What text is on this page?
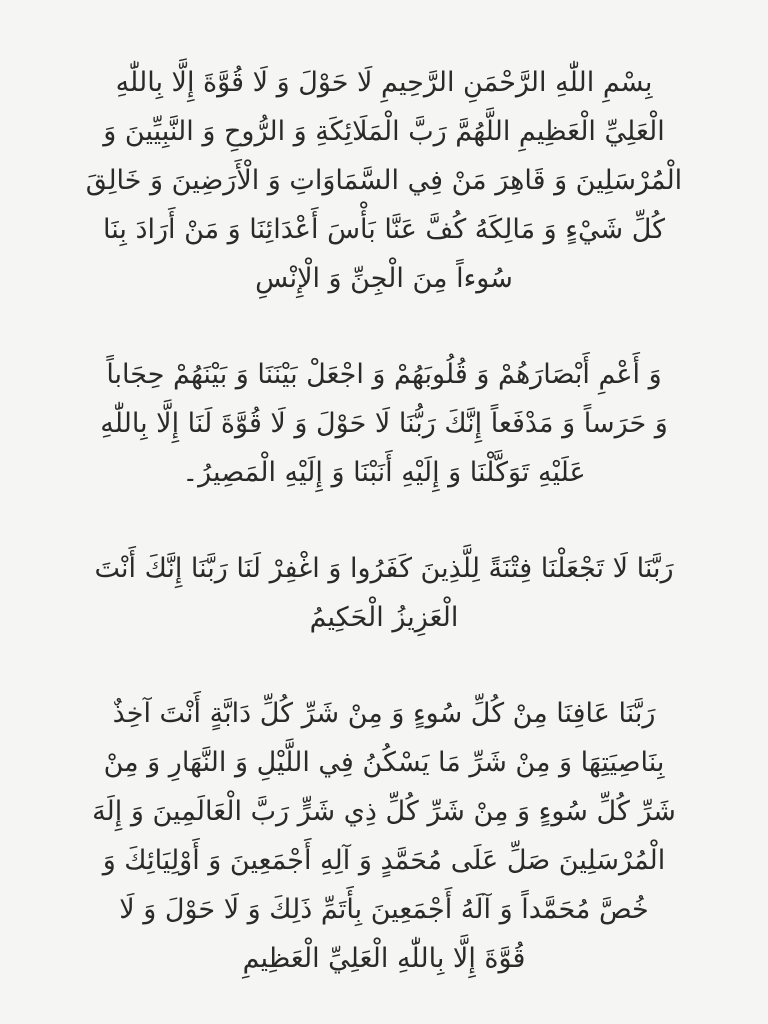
بِسْمِ اللّٰهِ الرَّحْمَنِ الرَّحِيمِ لَا حَوْلَ وَ لَا قُوَّةَ إِلَّا بِاللّٰهِ
الْعَلِيِّ الْعَظِيمِ اللَّهُمَّ رَبَّ الْمَلَائِكَةِ وَ الرُّوحِ وَ النَّبِيِّينَ وَ
الْمُرْسَلِينَ وَ قَاهِرَ مَنْ فِي السَّمَاوَاتِ وَ الْأَرَضِينَ وَ خَالِقَ
كُلِّ شَيْءٍ وَ مَالِكَهُ كُفَّ عَنَّا بَأْسَ أَعْدَائِنَا وَ مَنْ أَرَادَ بِنَا
سُوءاً مِنَ الْجِنِّ وَ الْإِنْسِ

وَ أَعْمِ أَبْصَارَهُمْ وَ قُلُوبَهُمْ وَ اجْعَلْ بَيْنَنَا وَ بَيْنَهُمْ حِجَاباً
وَ حَرَساً وَ مَدْفَعاً إِنَّكَ رَبُّنَا لَا حَوْلَ وَ لَا قُوَّةَ لَنَا إِلَّا بِاللّٰهِ
عَلَيْهِ تَوَكَّلْنَا وَ إِلَيْهِ أَنَبْنَا وَ إِلَيْهِ الْمَصِيرُ۔

رَبَّنَا لَا تَجْعَلْنَا فِتْنَةً لِلَّذِينَ كَفَرُوا وَ اغْفِرْ لَنَا رَبَّنَا إِنَّكَ أَنْتَ
الْعَزِيزُ الْحَكِيمُ

رَبَّنَا عَافِنَا مِنْ كُلِّ سُوءٍ وَ مِنْ شَرِّ كُلِّ دَابَّةٍ أَنْتَ آخِذٌ
بِنَاصِيَتِهَا وَ مِنْ شَرِّ مَا يَسْكُنُ فِي اللَّيْلِ وَ النَّهَارِ وَ مِنْ
شَرِّ كُلِّ سُوءٍ وَ مِنْ شَرِّ كُلِّ ذِي شَرٍّ رَبَّ الْعَالَمِينَ وَ إِلَهَ
الْمُرْسَلِينَ صَلِّ عَلَى مُحَمَّدٍ وَ آلِهِ أَجْمَعِينَ وَ أَوْلِيَائِكَ وَ
خُصَّ مُحَمَّداً وَ آلَهُ أَجْمَعِينَ بِأَتَمِّ ذَلِكَ وَ لَا حَوْلَ وَ لَا
قُوَّةَ إِلَّا بِاللّٰهِ الْعَلِيِّ الْعَظِيمِ
